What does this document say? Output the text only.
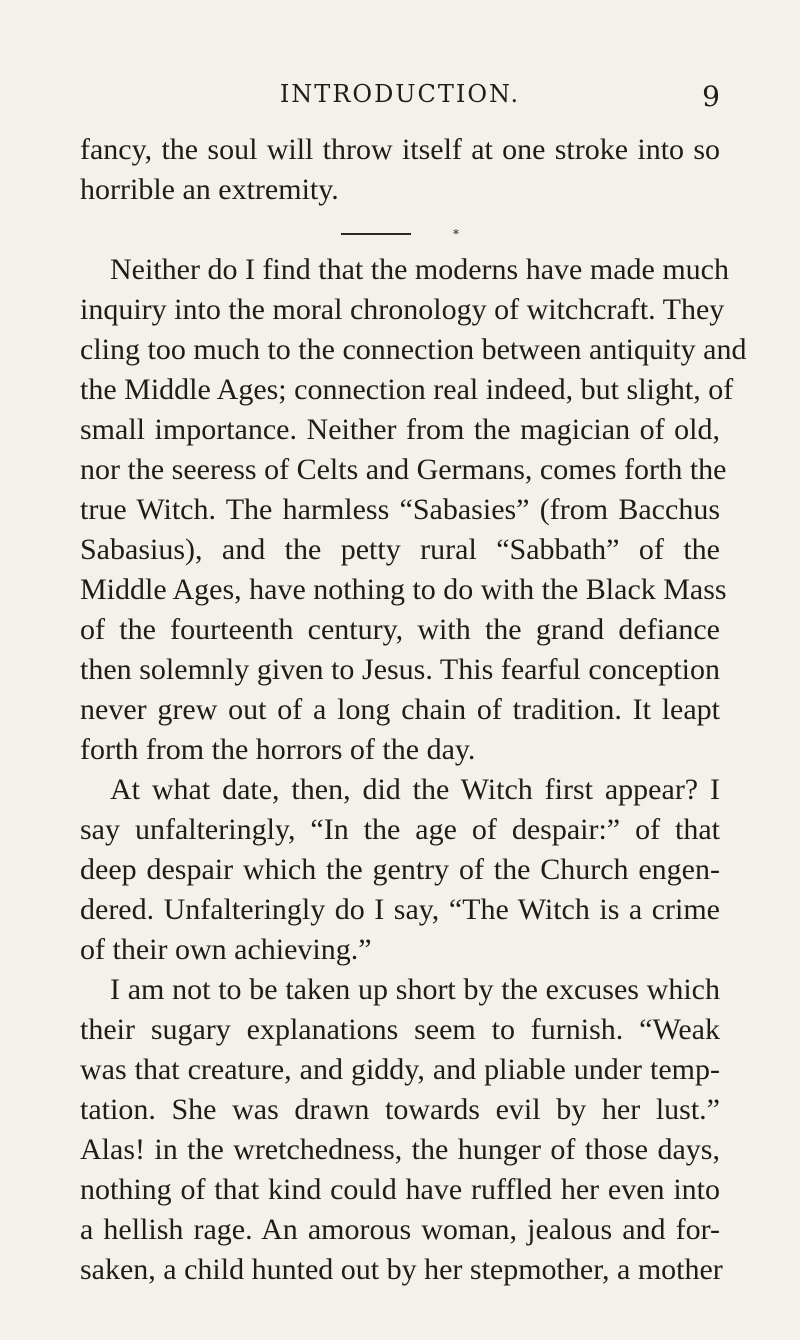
INTRODUCTION.	9

fancy, the soul will throw itself at one stroke into so
horrible an extremity.

*

Neither do I find that the moderns have made much
inquiry into the moral chronology of witchcraft. They
cling too much to the connection between antiquity and
the Middle Ages; connection real indeed, but slight, of
small importance. Neither from the magician of old,
nor the seeress of Celts and Germans, comes forth the
true Witch. The harmless “Sabasies” (from Bacchus
Sabasius), and the petty rural “Sabbath” of the
Middle Ages, have nothing to do with the Black Mass
of the fourteenth century, with the grand defiance
then solemnly given to Jesus. This fearful conception
never grew out of a long chain of tradition. It leapt
forth from the horrors of the day.

At what date, then, did the Witch first appear? I
say unfalteringly, “In the age of despair:” of that
deep despair which the gentry of the Church engen-
dered. Unfalteringly do I say, “The Witch is a crime
of their own achieving.”

I am not to be taken up short by the excuses which
their sugary explanations seem to furnish. “Weak
was that creature, and giddy, and pliable under temp-
tation. She was drawn towards evil by her lust.”
Alas! in the wretchedness, the hunger of those days,
nothing of that kind could have ruffled her even into
a hellish rage. An amorous woman, jealous and for-
saken, a child hunted out by her stepmother, a mother
